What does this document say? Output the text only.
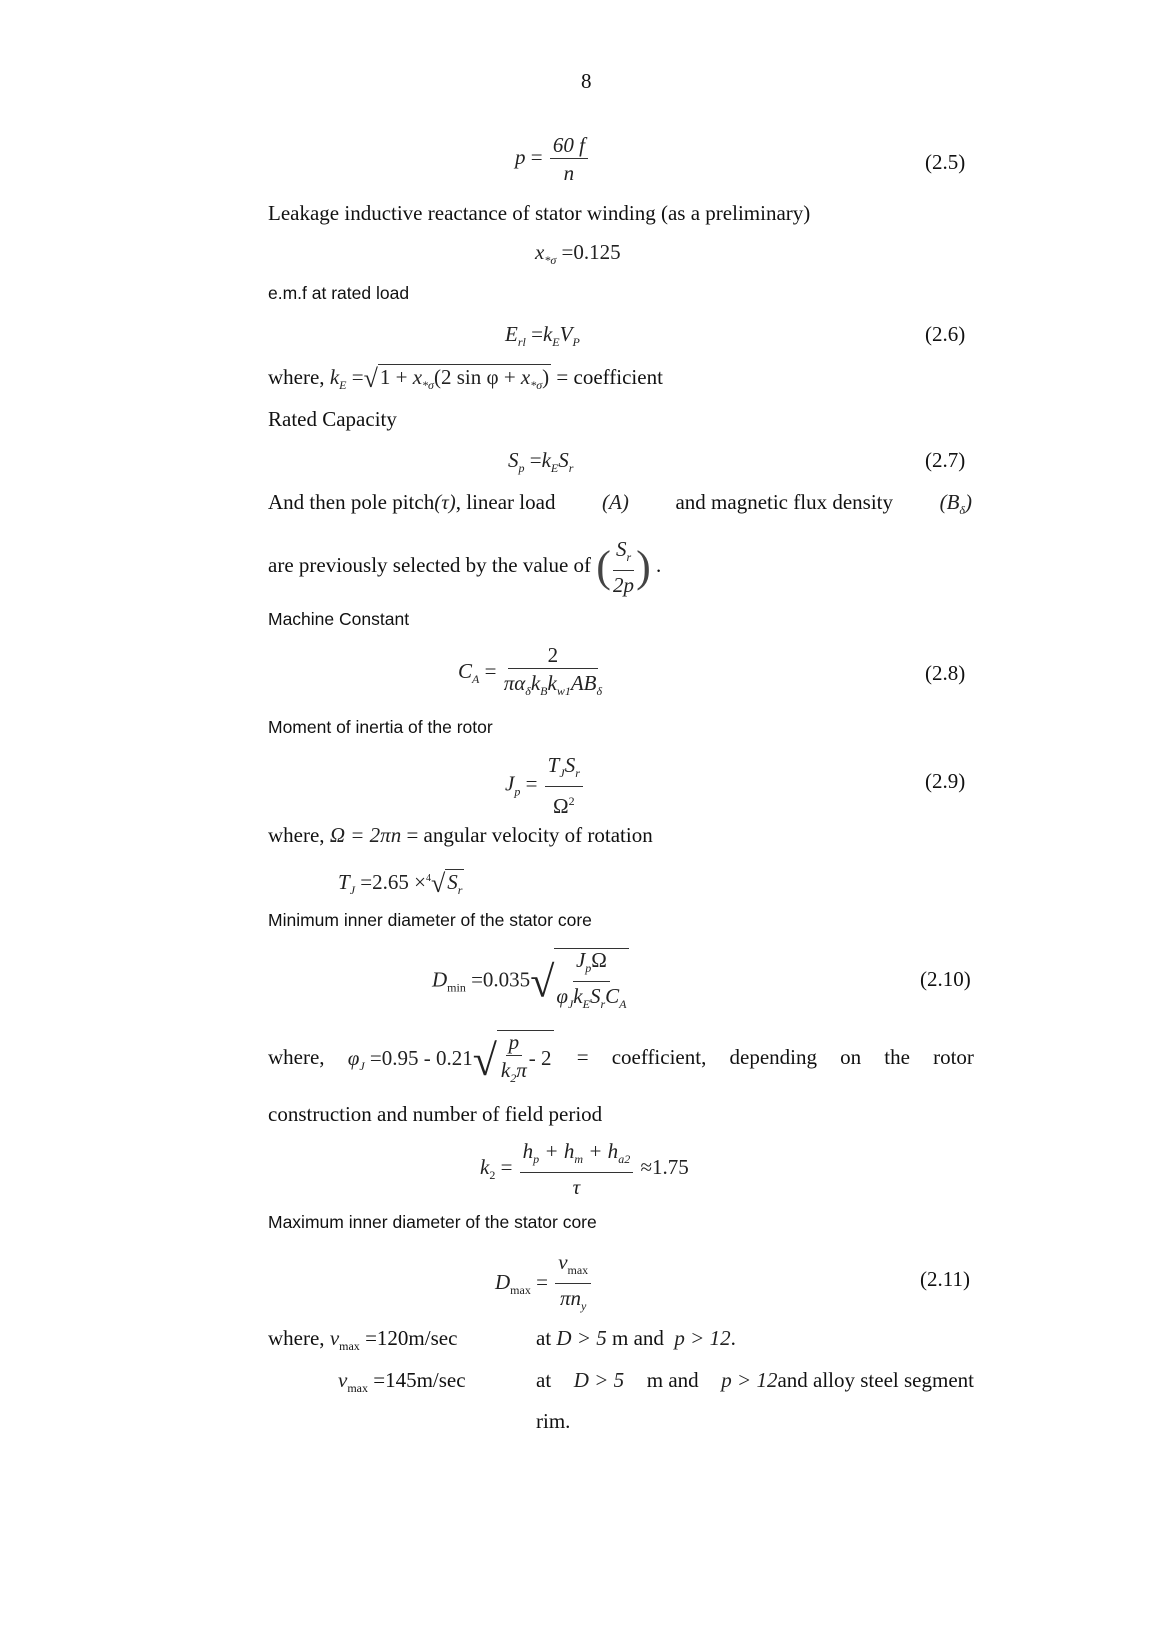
8
$p = \frac{60 f}{n}$	(2.5)
Leakage inductive reactance of stator winding (as a preliminary)
$x_{*\sigma} =0.125$
e.m.f at rated load
$E_{rl} =k_EV_P$	(2.6)
where, $k_E =√1 + x_{*\sigma}(2$ $\sin \varphi + x_{*\sigma}$) = coefficient
Rated Capacity
$S_p =k_ES_r$	(2.7)
And then pole pitch(τ), linear load (A) and magnetic flux density $(B_\delta)$
are previously selected by the value of ( $\frac{S_r}{2p}$ ) .
Machine Constant
$C_A = \frac{2}{\pi\alpha_\delta k_Bk_{w1}AB_\delta}$	(2.8)
Moment of inertia of the rotor
$J_p = \frac{T_JS_r}{\Omega^2}$	(2.9)
where, Ω = 2πn = angular velocity of rotation
$T_J =2.65 \times^4√S_r$
Minimum inner diameter of the stator core
$D_{min} =0.035√ \frac{J_p\Omega}{\varphi_Jk_ES_rC_A}$	(2.10)
where, $\varphi_J =0.95 - 0.21√ \frac{p}{k_2\pi} - 2$ = coefficient, depending on the rotor
construction and number of field period
$k_2 = \frac{h_p + h_m + h_{a2}}{\tau} \approx 1.75$
Maximum inner diameter of the stator core
$D_{max} = \frac{v_{max}}{\pi n_y}$	(2.11)
where, $v_{max} =120m/\sec$	at D > 5 m and p > 12.
$v_{max} =145m/\sec$	at D > 5 m and p > 12and alloy steel segment
rim.
